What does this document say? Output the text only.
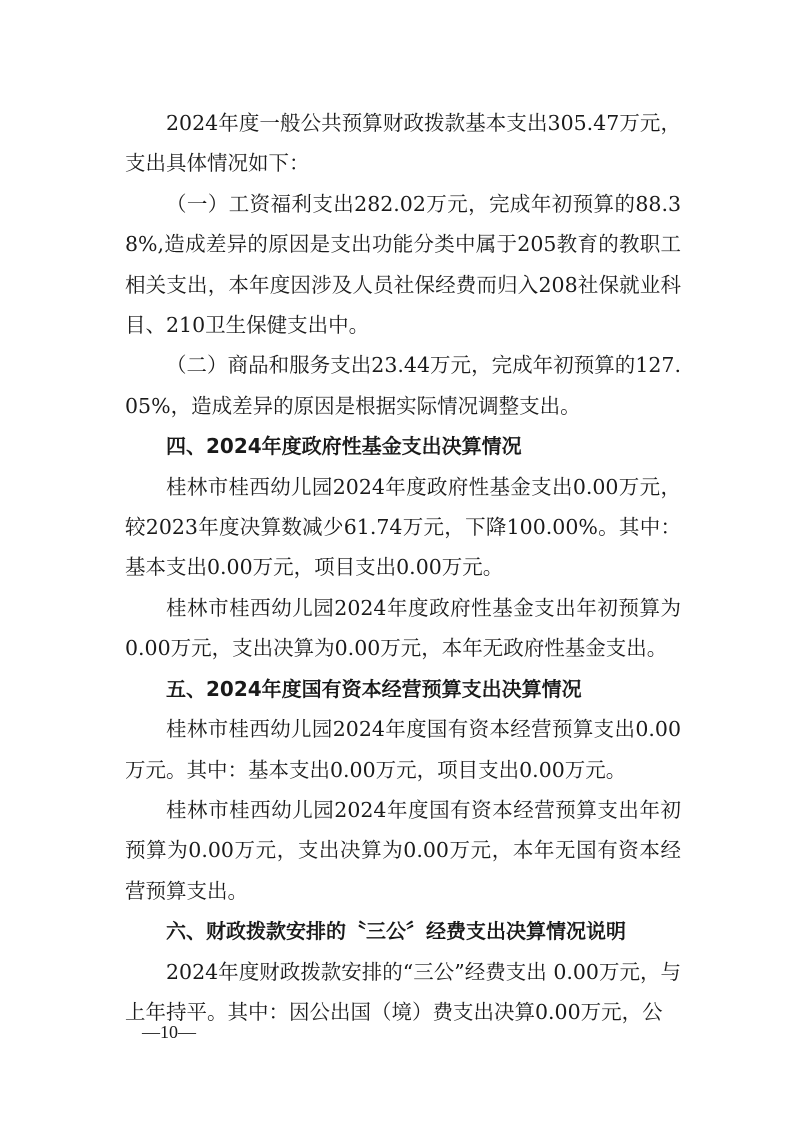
2024年度一般公共预算财政拨款基本支出305.47万元，支出具体情况如下：

（一）工资福利支出282.02万元，完成年初预算的88.38%,造成差异的原因是支出功能分类中属于205教育的教职工相关支出，本年度因涉及人员社保经费而归入208社保就业科目、210卫生保健支出中。

（二）商品和服务支出23.44万元，完成年初预算的127.05%，造成差异的原因是根据实际情况调整支出。

四、2024年度政府性基金支出决算情况

桂林市桂西幼儿园2024年度政府性基金支出0.00万元，较2023年度决算数减少61.74万元，下降100.00%。其中：基本支出0.00万元，项目支出0.00万元。

桂林市桂西幼儿园2024年度政府性基金支出年初预算为0.00万元，支出决算为0.00万元，本年无政府性基金支出。

五、2024年度国有资本经营预算支出决算情况

桂林市桂西幼儿园2024年度国有资本经营预算支出0.00万元。其中：基本支出0.00万元，项目支出0.00万元。

桂林市桂西幼儿园2024年度国有资本经营预算支出年初预算为0.00万元，支出决算为0.00万元，本年无国有资本经营预算支出。

六、财政拨款安排的〝三公〞经费支出决算情况说明

2024年度财政拨款安排的“三公”经费支出 0.00万元，与上年持平。其中：因公出国（境）费支出决算0.00万元，公

—10—
